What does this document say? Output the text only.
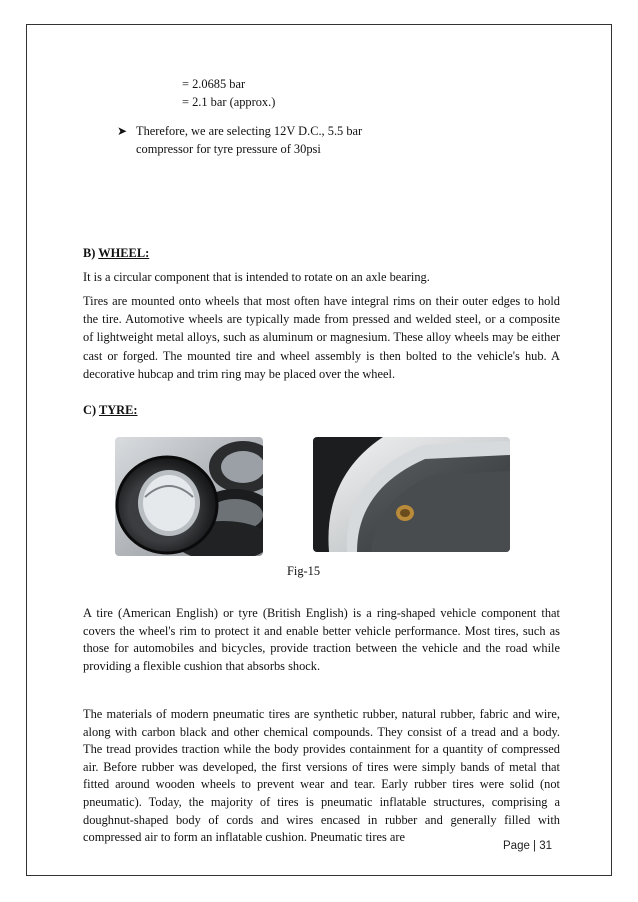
= 2.0685 bar

= 2.1 bar (approx.)

➤ Therefore, we are selecting 12V D.C., 5.5 bar
compressor for tyre pressure of 30psi

B) WHEEL:

It is a circular component that is intended to rotate on an axle bearing.

Tires are mounted onto wheels that most often have integral rims on their outer edges to hold the tire. Automotive wheels are typically made from pressed and welded steel, or a composite of lightweight metal alloys, such as aluminum or magnesium. These alloy wheels may be either cast or forged. The mounted tire and wheel assembly is then bolted to the vehicle's hub. A decorative hubcap and trim ring may be placed over the wheel.

C) TYRE:

Fig-15

A tire (American English) or tyre (British English) is a ring-shaped vehicle component that covers the wheel's rim to protect it and enable better vehicle performance. Most tires, such as those for automobiles and bicycles, provide traction between the vehicle and the road while providing a flexible cushion that absorbs shock.

The materials of modern pneumatic tires are synthetic rubber, natural rubber, fabric and wire, along with carbon black and other chemical compounds. They consist of a tread and a body. The tread provides traction while the body provides containment for a quantity of compressed air. Before rubber was developed, the first versions of tires were simply bands of metal that fitted around wooden wheels to prevent wear and tear. Early rubber tires were solid (not pneumatic). Today, the majority of tires is pneumatic inflatable structures, comprising a doughnut-shaped body of cords and wires encased in rubber and generally filled with compressed air to form an inflatable cushion. Pneumatic tires are

Page | 31
